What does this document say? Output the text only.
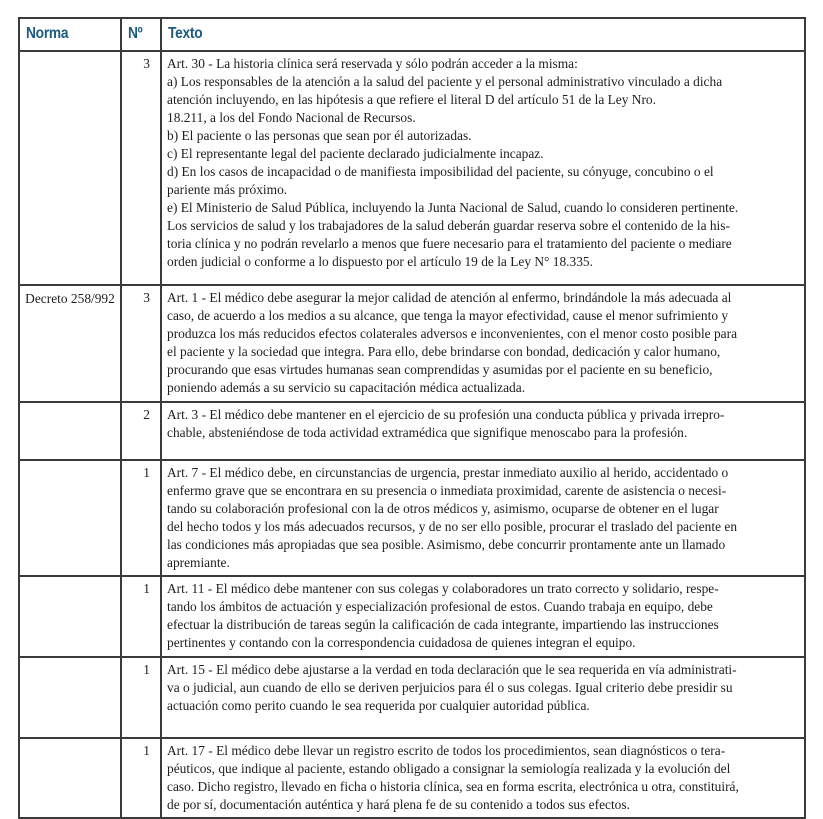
Norma	Nº	Texto
	3	Art. 30 - La historia clínica será reservada y sólo podrán acceder a la misma:
a) Los responsables de la atención a la salud del paciente y el personal administrativo vinculado a dicha
atención incluyendo, en las hipótesis a que refiere el literal D del artículo 51 de la Ley Nro.
18.211, a los del Fondo Nacional de Recursos.
b) El paciente o las personas que sean por él autorizadas.
c) El representante legal del paciente declarado judicialmente incapaz.
d) En los casos de incapacidad o de manifiesta imposibilidad del paciente, su cónyuge, concubino o el
pariente más próximo.
e) El Ministerio de Salud Pública, incluyendo la Junta Nacional de Salud, cuando lo consideren pertinente.
Los servicios de salud y los trabajadores de la salud deberán guardar reserva sobre el contenido de la his-
toria clínica y no podrán revelarlo a menos que fuere necesario para el tratamiento del paciente o mediare
orden judicial o conforme a lo dispuesto por el artículo 19 de la Ley N° 18.335.

Decreto 258/992	3	Art. 1 - El médico debe asegurar la mejor calidad de atención al enfermo, brindándole la más adecuada al
caso, de acuerdo a los medios a su alcance, que tenga la mayor efectividad, cause el menor sufrimiento y
produzca los más reducidos efectos colaterales adversos e inconvenientes, con el menor costo posible para
el paciente y la sociedad que integra. Para ello, debe brindarse con bondad, dedicación y calor humano,
procurando que esas virtudes humanas sean comprendidas y asumidas por el paciente en su beneficio,
poniendo además a su servicio su capacitación médica actualizada.

	2	Art. 3 - El médico debe mantener en el ejercicio de su profesión una conducta pública y privada irrepro-
chable, absteniéndose de toda actividad extramédica que signifique menoscabo para la profesión.

	1	Art. 7 - El médico debe, en circunstancias de urgencia, prestar inmediato auxilio al herido, accidentado o
enfermo grave que se encontrara en su presencia o inmediata proximidad, carente de asistencia o necesi-
tando su colaboración profesional con la de otros médicos y, asimismo, ocuparse de obtener en el lugar
del hecho todos y los más adecuados recursos, y de no ser ello posible, procurar el traslado del paciente en
las condiciones más apropiadas que sea posible. Asimismo, debe concurrir prontamente ante un llamado
apremiante.

	1	Art. 11 - El médico debe mantener con sus colegas y colaboradores un trato correcto y solidario, respe-
tando los ámbitos de actuación y especialización profesional de estos. Cuando trabaja en equipo, debe
efectuar la distribución de tareas según la calificación de cada integrante, impartiendo las instrucciones
pertinentes y contando con la correspondencia cuidadosa de quienes integran el equipo.

	1	Art. 15 - El médico debe ajustarse a la verdad en toda declaración que le sea requerida en vía administrati-
va o judicial, aun cuando de ello se deriven perjuicios para él o sus colegas. Igual criterio debe presidir su
actuación como perito cuando le sea requerida por cualquier autoridad pública.

	1	Art. 17 - El médico debe llevar un registro escrito de todos los procedimientos, sean diagnósticos o tera-
péuticos, que indique al paciente, estando obligado a consignar la semiología realizada y la evolución del
caso. Dicho registro, llevado en ficha o historia clínica, sea en forma escrita, electrónica u otra, constituirá,
de por sí, documentación auténtica y hará plena fe de su contenido a todos sus efectos.
